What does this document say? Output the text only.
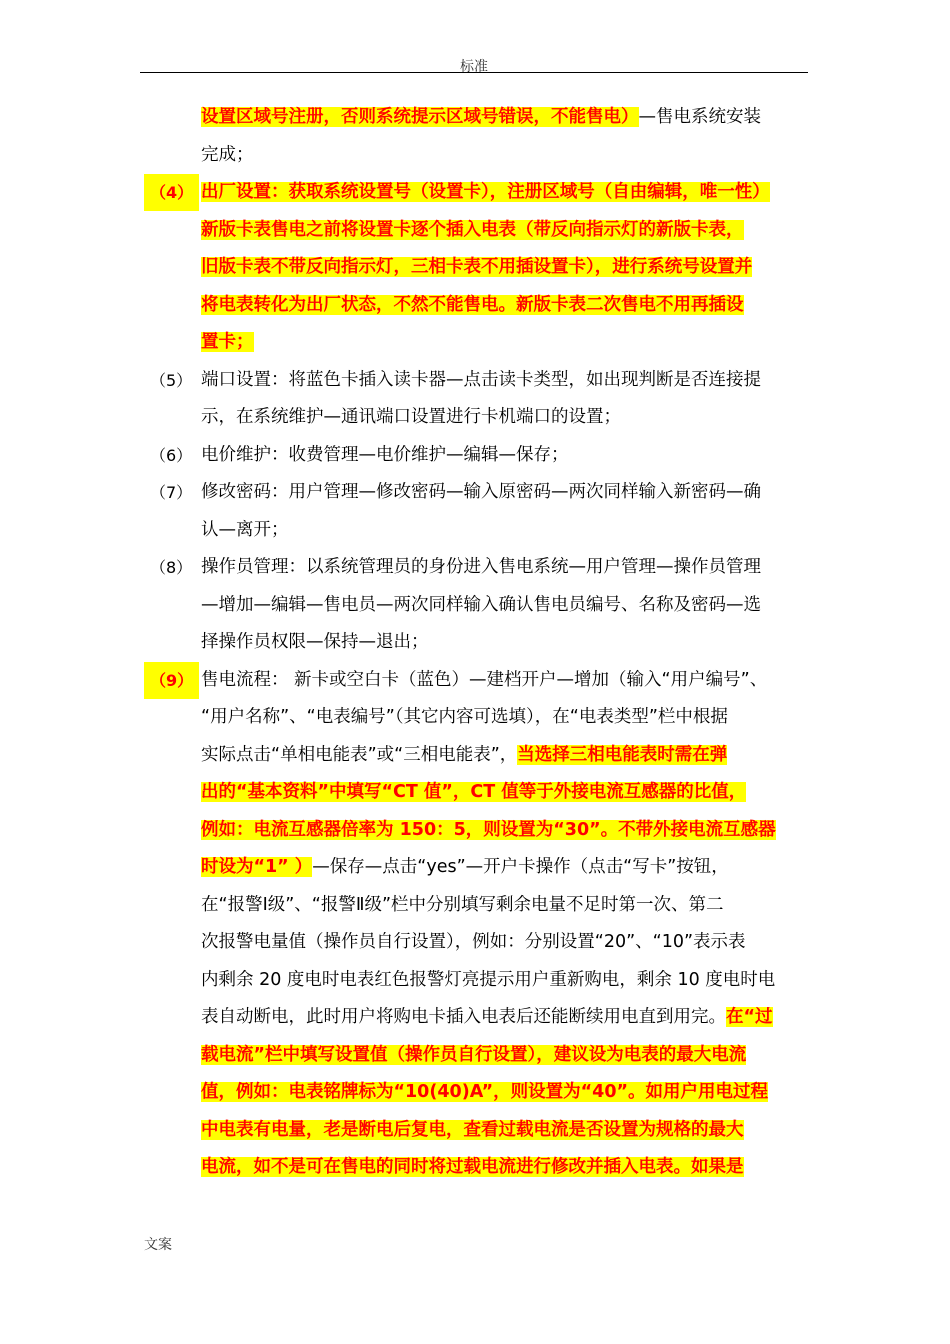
标准
设置区域号注册，否则系统提示区域号错误，不能售电）—售电系统安装
完成；
（4） 出厂设置：获取系统设置号（设置卡），注册区域号（自由编辑，唯一性）
新版卡表售电之前将设置卡逐个插入电表（带反向指示灯的新版卡表，
旧版卡表不带反向指示灯，三相卡表不用插设置卡），进行系统号设置并
将电表转化为出厂状态，不然不能售电。新版卡表二次售电不用再插设
置卡；
（5） 端口设置：将蓝色卡插入读卡器—点击读卡类型，如出现判断是否连接提
示，在系统维护—通讯端口设置进行卡机端口的设置；
（6） 电价维护：收费管理—电价维护—编辑—保存；
（7） 修改密码：用户管理—修改密码—输入原密码—两次同样输入新密码—确
认—离开；
（8） 操作员管理：以系统管理员的身份进入售电系统—用户管理—操作员管理
—增加—编辑—售电员—两次同样输入确认售电员编号、名称及密码—选
择操作员权限—保持—退出；
（9） 售电流程： 新卡或空白卡（蓝色）—建档开户—增加（输入“用户编号”、
“用户名称”、“电表编号”（其它内容可选填），在“电表类型”栏中根据
实际点击“单相电能表”或“三相电能表”，当选择三相电能表时需在弹
出的“基本资料”中填写“CT 值”，CT 值等于外接电流互感器的比值，
例如：电流互感器倍率为 150：5，则设置为“30”。不带外接电流互感器
时设为“1” ）—保存—点击“yes”—开户卡操作（点击“写卡”按钮，
在“报警Ⅰ级”、“报警Ⅱ级”栏中分别填写剩余电量不足时第一次、第二
次报警电量值（操作员自行设置），例如：分别设置“20”、“10”表示表
内剩余 20 度电时电表红色报警灯亮提示用户重新购电，剩余 10 度电时电
表自动断电，此时用户将购电卡插入电表后还能断续用电直到用完。在“过
载电流”栏中填写设置值（操作员自行设置），建议设为电表的最大电流
值，例如：电表铭牌标为“10(40)A”，则设置为“40”。如用户用电过程
中电表有电量，老是断电后复电，查看过载电流是否设置为规格的最大
电流，如不是可在售电的同时将过载电流进行修改并插入电表。如果是
文案
